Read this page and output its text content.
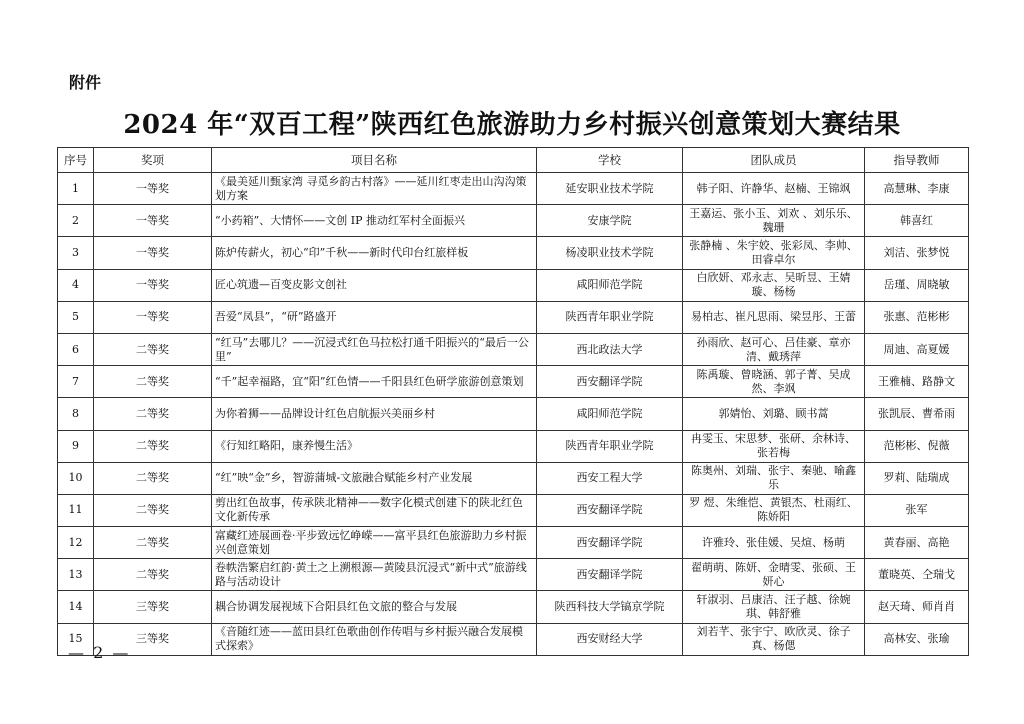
附件
2024 年“双百工程”陕西红色旅游助力乡村振兴创意策划大赛结果
序号	奖项	项目名称	学校	团队成员	指导教师
1	一等奖	《最美延川甄家湾 寻觅乡韵古村落》——延川红枣走出山沟沟策划方案	延安职业技术学院	韩子阳、许静华、赵楠、王锦飒	高慧琳、李康
2	一等奖	“小药箱”、大情怀——文创 IP 推动红军村全面振兴	安康学院	王嘉运、张小玉、刘欢 、刘乐乐、魏珊	韩喜红
3	一等奖	陈炉传薪火，初心“印”千秋——新时代印台红旅样板	杨凌职业技术学院	张静楠 、朱宇姣、张彩凤、李帅、田睿卓尔	刘洁、张梦悦
4	一等奖	匠心筑遗—百变皮影文创社	咸阳师范学院	白欣妍、邓永志、吴昕昱、王婧璇、杨杨	岳瑾、周晓敏
5	一等奖	吾爱“凤县”，“研”路盛开	陕西青年职业学院	易柏志、崔凡思雨、梁昱彤、王蕾	张惠、范彬彬
6	二等奖	“红马”去哪儿？——沉浸式红色马拉松打通千阳振兴的“最后一公里”	西北政法大学	孙雨欣、赵可心、吕佳豪、章亦清、戴琇萍	周迪、高夏媛
7	二等奖	“千”起幸福路，宜“阳”红色情——千阳县红色研学旅游创意策划	西安翻译学院	陈禹璇、曾晓涵、郭子菁、吴成然、李飒	王雅楠、路静文
8	二等奖	为你着狮——品牌设计红色启航振兴美丽乡村	咸阳师范学院	郭婧怡、刘璐、顾书蒿	张凯辰、曹希雨
9	二等奖	《行知红略阳，康养慢生活》	陕西青年职业学院	冉雯玉、宋思梦、张研、余林诗、张若梅	范彬彬、倪薇
10	二等奖	“红”映“金”乡，智游蒲城-文旅融合赋能乡村产业发展	西安工程大学	陈奥州、刘瑞、张宇、秦驰、喻鑫乐	罗莉、陆瑞成
11	二等奖	剪出红色故事，传承陕北精神——数字化模式创建下的陕北红色文化新传承	西安翻译学院	罗 煜、朱维恺、黄银杰、杜雨红、陈娇阳	张军
12	二等奖	富藏红迹展画卷·平步致远忆峥嵘——富平县红色旅游助力乡村振兴创意策划	西安翻译学院	许雅玲、张佳媛、吴煊、杨萌	黄春丽、高艳
13	二等奖	卷帙浩繁启红韵·黄土之上溯根源—黄陵县沉浸式“新中式”旅游线路与活动设计	西安翻译学院	翟萌萌、陈妍、金晴雯、张硕、王妍心	董晓英、仝瑞戈
14	三等奖	耦合协调发展视域下合阳县红色文旅的整合与发展	陕西科技大学镐京学院	轩淑羽、吕康洁、汪子越、徐婉琪、韩舒雅	赵天琦、师肖肖
15	三等奖	《音随红迹——蓝田县红色歌曲创作传唱与乡村振兴融合发展模式探索》	西安财经大学	刘若芊、张宇宁、欧欣灵、徐子真、杨偲	高林安、张瑜
— 2 —
